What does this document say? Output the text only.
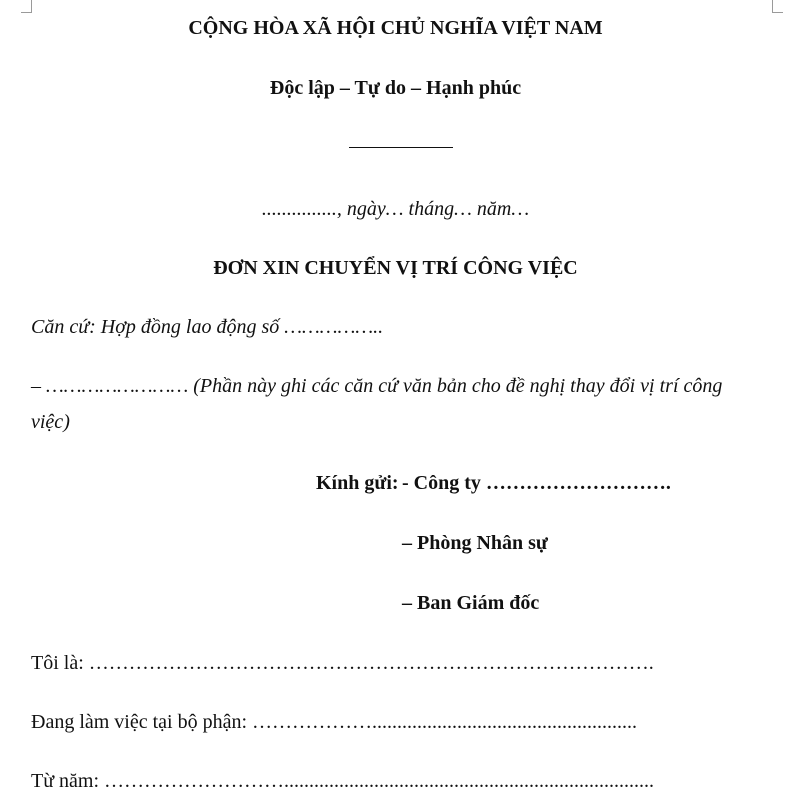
CỘNG HÒA XÃ HỘI CHỦ NGHĨA VIỆT NAM
Độc lập – Tự do – Hạnh phúc
..............., ngày… tháng… năm…
ĐƠN XIN CHUYỂN VỊ TRÍ CÔNG VIỆC
Căn cứ: Hợp đồng lao động số ……………..
– …………………… (Phần này ghi các căn cứ văn bản cho đề nghị thay đổi vị trí công
việc)
Kính gửi: - Công ty ……………………….
– Phòng Nhân sự
– Ban Giám đốc
Tôi là: ………………………………………………………………………….
Đang làm việc tại bộ phận: ……………….....................................................
Từ năm: ………………………..........................................................................
